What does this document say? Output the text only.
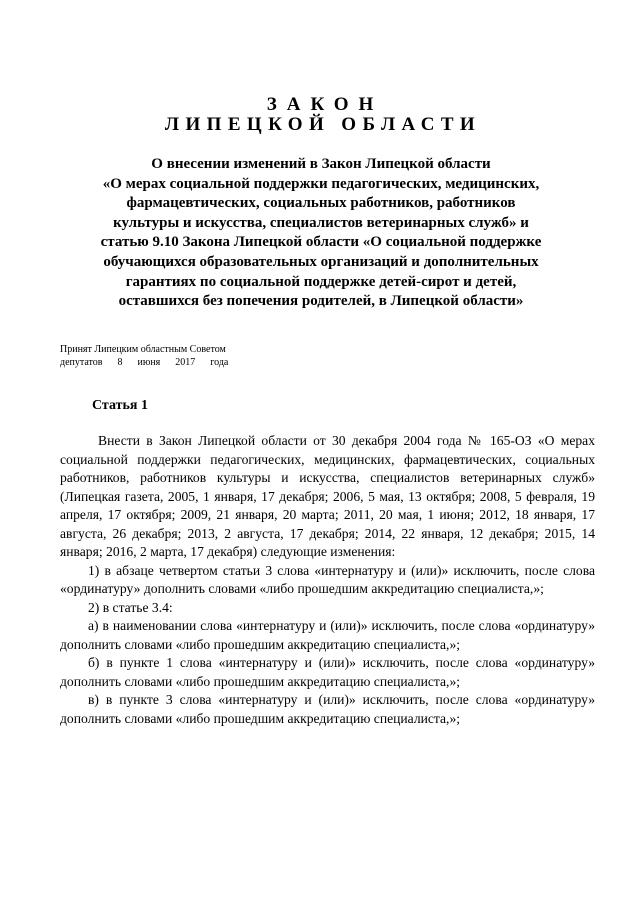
ЗАКОН
ЛИПЕЦКОЙ ОБЛАСТИ
О внесении изменений в Закон Липецкой области
«О мерах социальной поддержки педагогических, медицинских,
фармацевтических, социальных работников, работников
культуры и искусства, специалистов ветеринарных служб» и
статью 9.10 Закона Липецкой области «О социальной поддержке
обучающихся образовательных организаций и дополнительных
гарантиях по социальной поддержке детей-сирот и детей,
оставшихся без попечения родителей, в Липецкой области»
Принят Липецким областным Советом
депутатов      8      июня      2017      года
Статья 1

Внести в Закон Липецкой области от 30 декабря 2004 года № 165-ОЗ «О мерах социальной поддержки педагогических, медицинских, фармацевтических, социальных работников, работников культуры и искусства, специалистов ветеринарных служб» (Липецкая газета, 2005, 1 января, 17 декабря; 2006, 5 мая, 13 октября; 2008, 5 февраля, 19 апреля, 17 октября; 2009, 21 января, 20 марта; 2011, 20 мая, 1 июня; 2012, 18 января, 17 августа, 26 декабря; 2013, 2 августа, 17 декабря; 2014, 22 января, 12 декабря; 2015, 14 января; 2016, 2 марта, 17 декабря) следующие изменения:

1) в абзаце четвертом статьи 3 слова «интернатуру и (или)» исключить, после слова «ординатуру» дополнить словами «либо прошедшим аккредитацию специалиста,»;

2) в статье 3.4:

а) в наименовании слова «интернатуру и (или)» исключить, после слова «ординатуру» дополнить словами «либо прошедшим аккредитацию специалиста,»;

б) в пункте 1 слова «интернатуру и (или)» исключить, после слова «ординатуру» дополнить словами «либо прошедшим аккредитацию специалиста,»;

в) в пункте 3 слова «интернатуру и (или)» исключить, после слова «ординатуру» дополнить словами «либо прошедшим аккредитацию специалиста,»;
